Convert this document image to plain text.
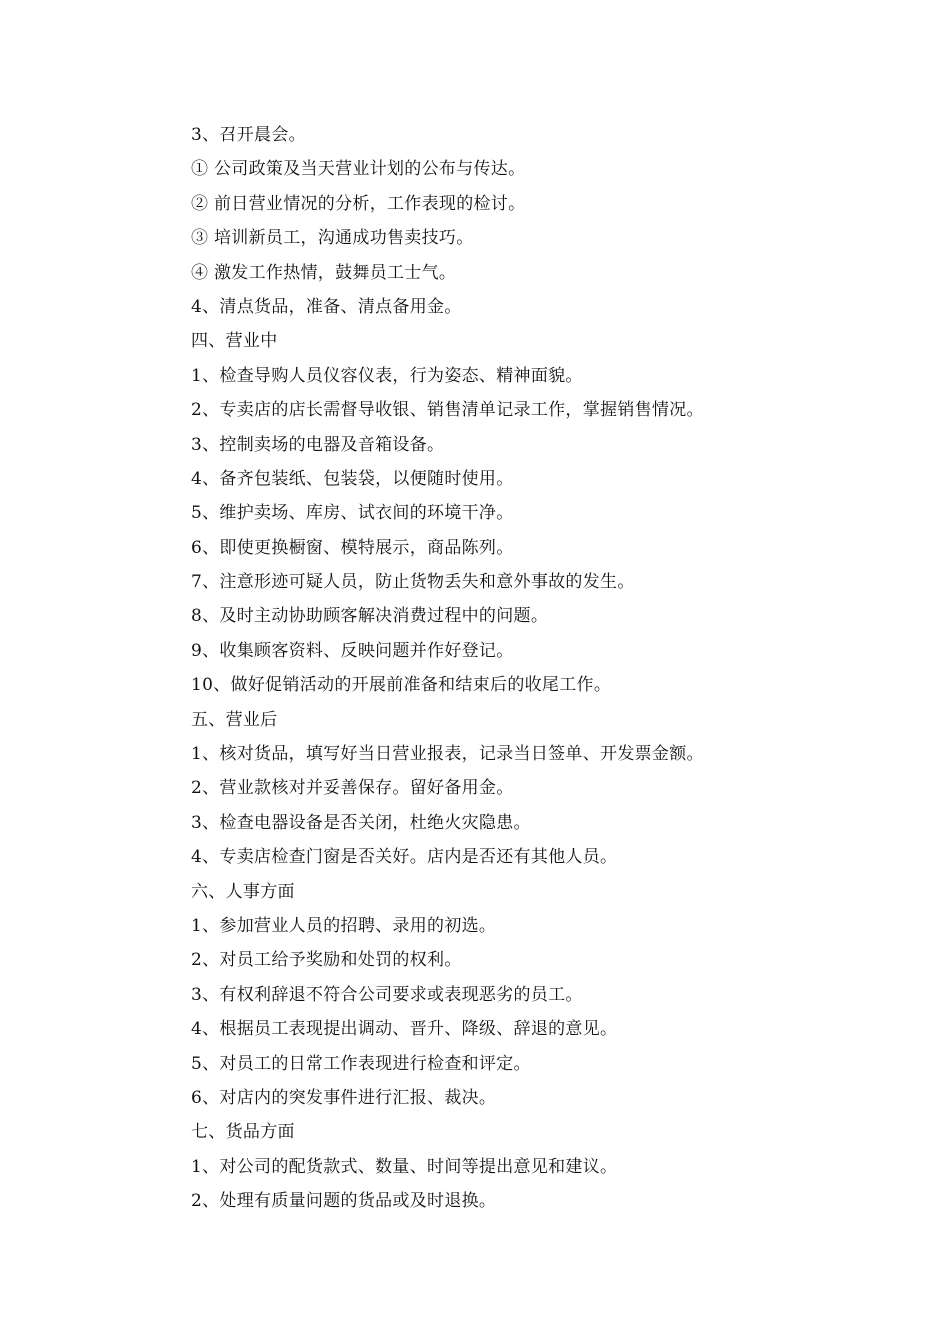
3、召开晨会。
① 公司政策及当天营业计划的公布与传达。
② 前日营业情况的分析，工作表现的检讨。
③ 培训新员工，沟通成功售卖技巧。
④ 激发工作热情，鼓舞员工士气。
4、清点货品，准备、清点备用金。
四、营业中
1、检查导购人员仪容仪表，行为姿态、精神面貌。
2、专卖店的店长需督导收银、销售清单记录工作，掌握销售情况。
3、控制卖场的电器及音箱设备。
4、备齐包装纸、包装袋，以便随时使用。
5、维护卖场、库房、试衣间的环境干净。
6、即使更换橱窗、模特展示，商品陈列。
7、注意形迹可疑人员，防止货物丢失和意外事故的发生。
8、及时主动协助顾客解决消费过程中的问题。
9、收集顾客资料、反映问题并作好登记。
10、做好促销活动的开展前准备和结束后的收尾工作。
五、营业后
1、核对货品，填写好当日营业报表，记录当日签单、开发票金额。
2、营业款核对并妥善保存。留好备用金。
3、检查电器设备是否关闭，杜绝火灾隐患。
4、专卖店检查门窗是否关好。店内是否还有其他人员。
六、人事方面
1、参加营业人员的招聘、录用的初选。
2、对员工给予奖励和处罚的权利。
3、有权利辞退不符合公司要求或表现恶劣的员工。
4、根据员工表现提出调动、晋升、降级、辞退的意见。
5、对员工的日常工作表现进行检查和评定。
6、对店内的突发事件进行汇报、裁决。
七、货品方面
1、对公司的配货款式、数量、时间等提出意见和建议。
2、处理有质量问题的货品或及时退换。
